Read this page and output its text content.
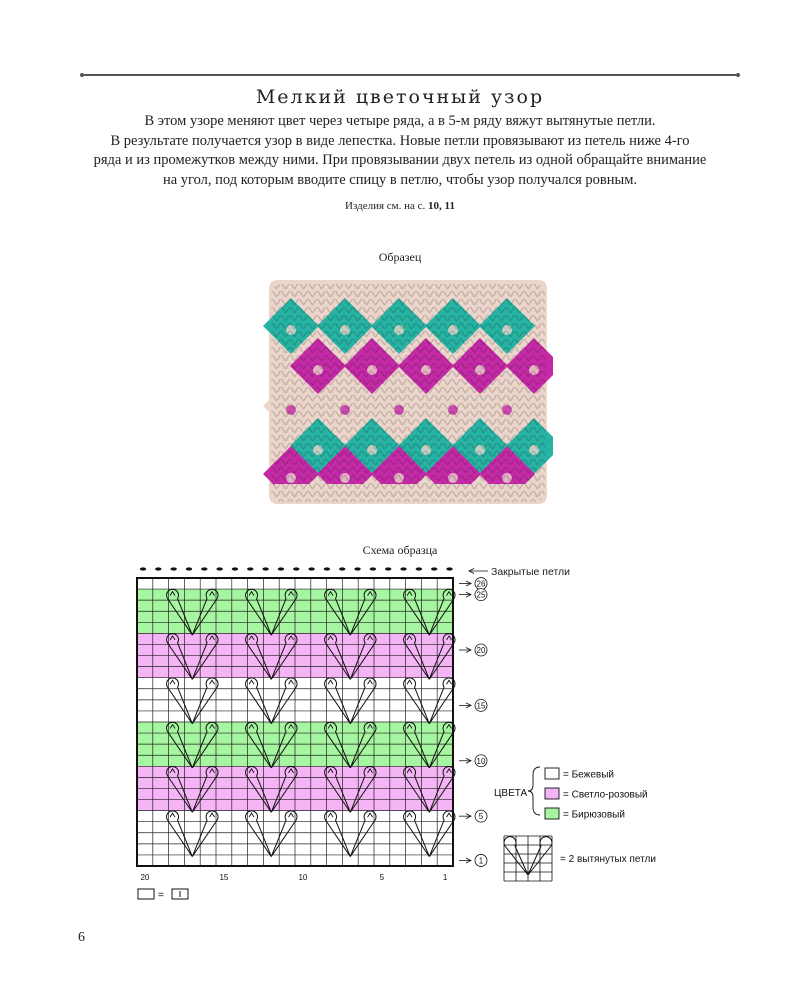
Мелкий цветочный узор
В этом узоре меняют цвет через четыре ряда, а в 5-м ряду вяжут вытянутые петли.
В результате получается узор в виде лепестка. Новые петли провязывают из петель ниже 4-го
ряда и из промежутков между ними. При провязывании двух петель из одной обращайте внимание
на угол, под которым вводите спицу в петлю, чтобы узор получался ровным.
Изделия см. на с. 10, 11
Образец
Схема образца
26
25
20
15
10
5
1
20	15	10	5	1
ЦВЕТА
= Бежевый
= Светло-розовый
= Бирюзовый
=
= 2 вытянутых петли
Закрытые петли
6
